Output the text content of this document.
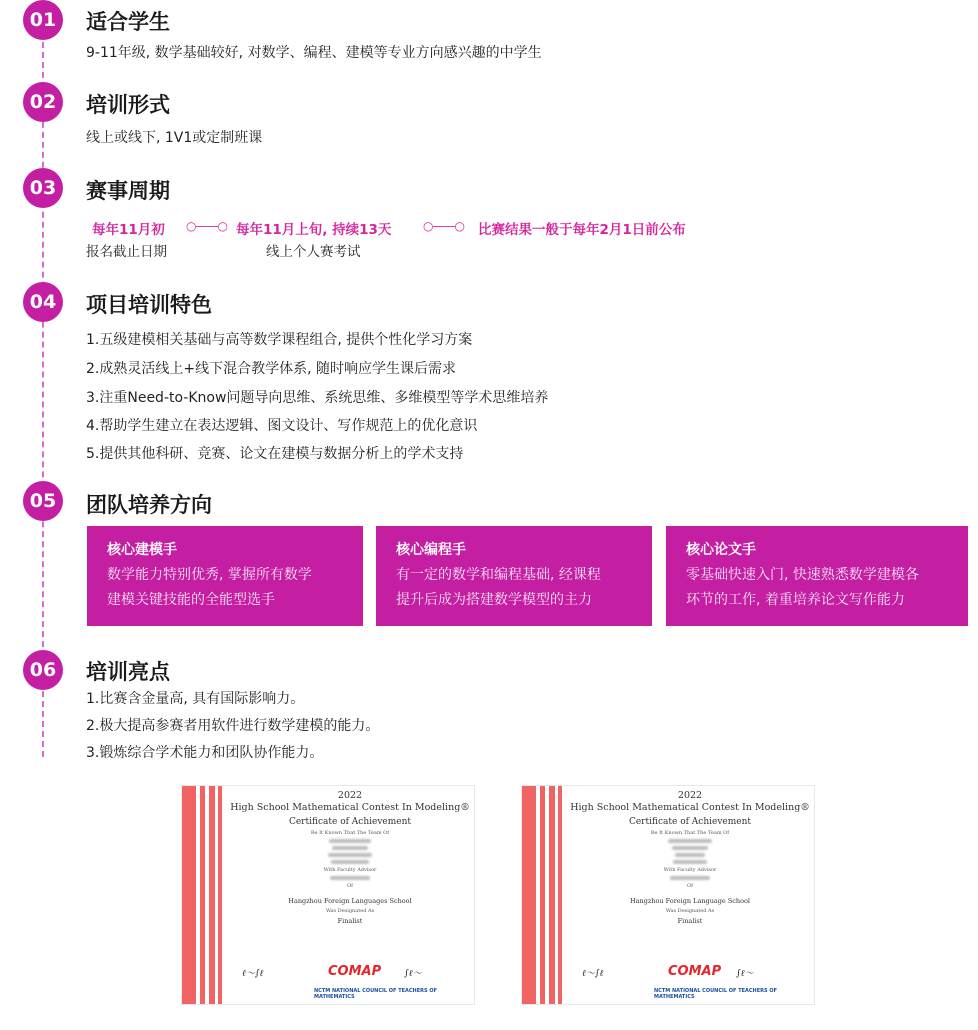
01	适合学生
9-11年级, 数学基础较好, 对数学、编程、建模等专业方向感兴趣的中学生
02	培训形式
线上或线下, 1V1或定制班课
03	赛事周期
每年11月初 ○——○ 每年11月上旬, 持续13天	○——○ 比赛结果一般于每年2月1日前公布
报名截止日期	线上个人赛考试
04	项目培训特色
1.五级建模相关基础与高等数学课程组合, 提供个性化学习方案
2.成熟灵活线上+线下混合教学体系, 随时响应学生课后需求
3.注重Need-to-Know问题导向思维、系统思维、多维模型等学术思维培养
4.帮助学生建立在表达逻辑、图文设计、写作规范上的优化意识
5.提供其他科研、竞赛、论文在建模与数据分析上的学术支持
05	团队培养方向
核心建模手
数学能力特别优秀, 掌握所有数学
建模关键技能的全能型选手
核心编程手
有一定的数学和编程基础, 经课程
提升后成为搭建数学模型的主力
核心论文手
零基础快速入门, 快速熟悉数学建模各
环节的工作, 着重培养论文写作能力
06	培训亮点
1.比赛含金量高, 具有国际影响力。
2.极大提高参赛者用软件进行数学建模的能力。
3.锻炼综合学术能力和团队协作能力。
2022
High School Mathematical Contest In Modeling®
Certificate of Achievement
Be It Known That The Team Of
With Faculty Advisor
Of
Hangzhou Foreign Languages School
Was Designated As
Finalist
ℓ～∫ℓ	COMAP	∫ℓ～
NCTM NATIONAL COUNCIL OF TEACHERS OF MATHEMATICS
2022
High School Mathematical Contest In Modeling®
Certificate of Achievement
Be It Known That The Team Of
With Faculty Advisor
Of
Hangzhou Foreign Language School
Was Designated As
Finalist
ℓ～∫ℓ	COMAP ∫ℓ～
NCTM NATIONAL COUNCIL OF TEACHERS OF MATHEMATICS
